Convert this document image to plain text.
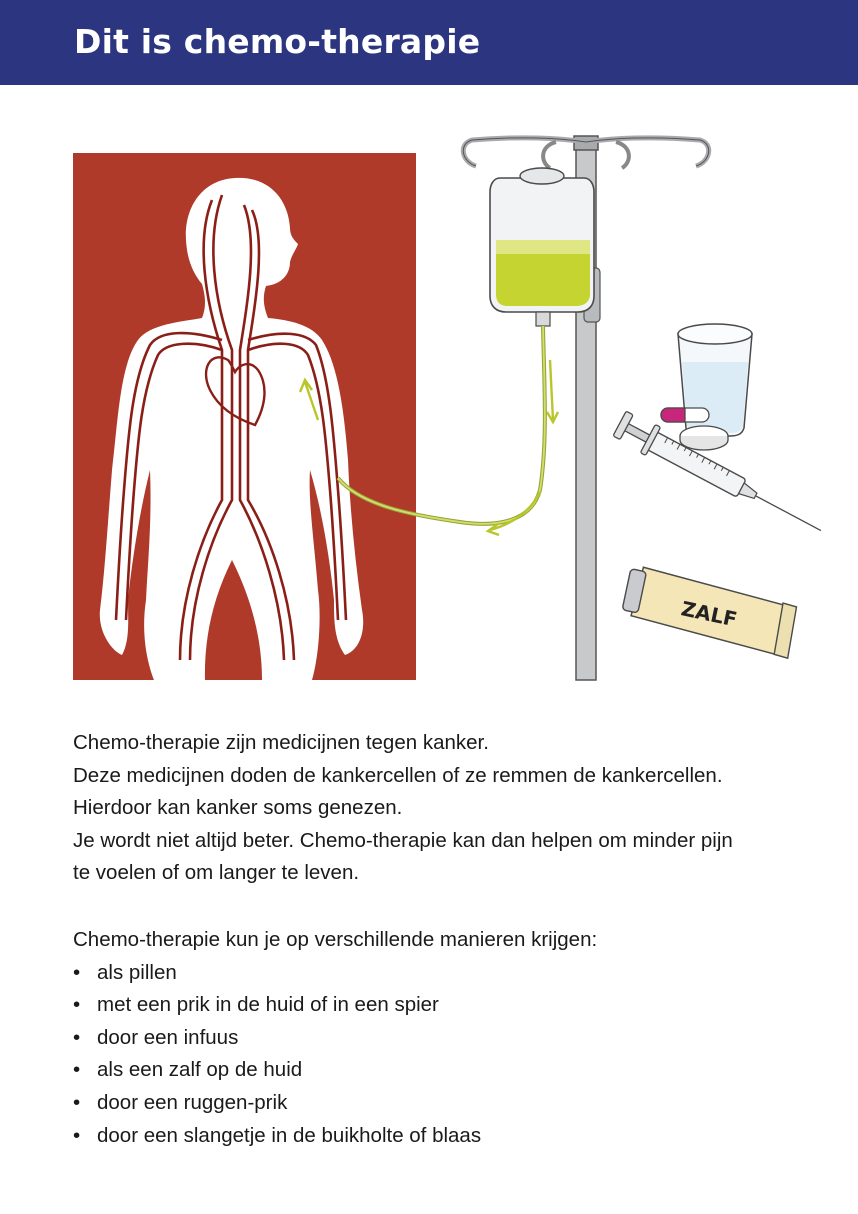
Dit is chemo-therapie
ZALF

Chemo-therapie zijn medicijnen tegen kanker.

Deze medicijnen doden de kankercellen of ze remmen de kankercellen.

Hierdoor kan kanker soms genezen.

Je wordt niet altijd beter. Chemo-therapie kan dan helpen om minder pijn

te voelen of om langer te leven.

Chemo-therapie kun je op verschillende manieren krijgen:

• als pillen
• met een prik in de huid of in een spier
• door een infuus
• als een zalf op de huid
• door een ruggen-prik
• door een slangetje in de buikholte of blaas
